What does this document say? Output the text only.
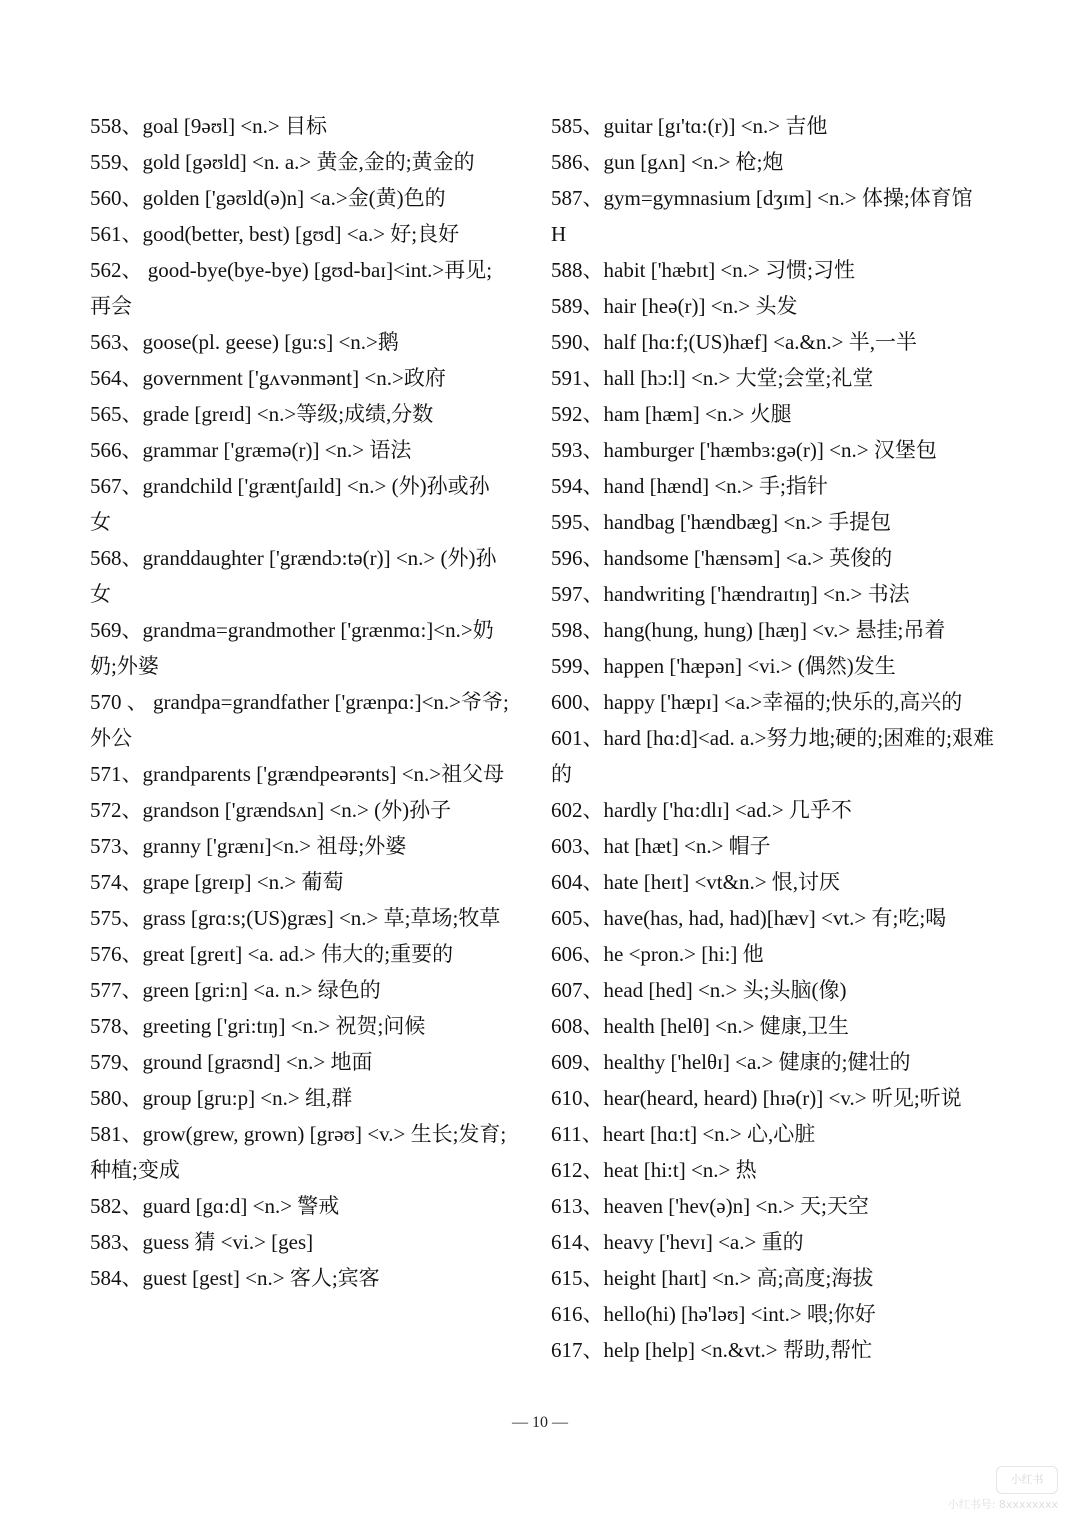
558、goal [9əʊl] <n.> 目标

559、gold [gəʊld] <n. a.> 黄金,金的;黄金的

560、golden ['gəʊld(ə)n] <a.>金(黄)色的

561、good(better, best) [gʊd] <a.> 好;良好

562、 good-bye(bye-bye) [gʊd-baɪ]<int.>再见;再会

563、goose(pl. geese) [gu:s] <n.>鹅

564、government ['gʌvənmənt] <n.>政府

565、grade [greɪd] <n.>等级;成绩,分数

566、grammar ['græmə(r)] <n.> 语法

567、grandchild ['græntʃaɪld] <n.> (外)孙或孙女

568、granddaughter ['grændɔ:tə(r)] <n.> (外)孙女

569、grandma=grandmother ['grænmɑ:]<n.>奶奶;外婆

570 、 grandpa=grandfather ['grænpɑ:]<n.>爷爷;外公

571、grandparents ['grændpeərənts] <n.>祖父母

572、grandson ['grændsʌn] <n.> (外)孙子

573、granny ['grænɪ]<n.> 祖母;外婆

574、grape [greɪp] <n.> 葡萄

575、grass [grɑ:s;(US)græs] <n.> 草;草场;牧草

576、great [greɪt] <a. ad.> 伟大的;重要的

577、green [gri:n] <a. n.> 绿色的

578、greeting ['gri:tɪŋ] <n.> 祝贺;问候

579、ground [graʊnd] <n.> 地面

580、group [gru:p] <n.> 组,群

581、grow(grew, grown) [grəʊ] <v.> 生长;发育;种植;变成

582、guard [gɑ:d] <n.> 警戒

583、guess 猜 <vi.> [ges]

584、guest [gest] <n.> 客人;宾客

585、guitar [gɪ'tɑ:(r)] <n.> 吉他

586、gun [gʌn] <n.> 枪;炮

587、gym=gymnasium [dʒɪm] <n.> 体操;体育馆

H

588、habit ['hæbɪt] <n.> 习惯;习性

589、hair [heə(r)] <n.> 头发

590、half [hɑ:f;(US)hæf] <a.&n.> 半,一半

591、hall [hɔ:l] <n.> 大堂;会堂;礼堂

592、ham [hæm] <n.> 火腿

593、hamburger ['hæmbɜ:gə(r)] <n.> 汉堡包

594、hand [hænd] <n.> 手;指针

595、handbag ['hændbæg] <n.> 手提包

596、handsome ['hænsəm] <a.> 英俊的

597、handwriting ['hændraɪtɪŋ] <n.> 书法

598、hang(hung, hung) [hæŋ] <v.> 悬挂;吊着

599、happen ['hæpən] <vi.> (偶然)发生

600、happy ['hæpɪ] <a.>幸福的;快乐的,高兴的

601、hard [hɑ:d]<ad. a.>努力地;硬的;困难的;艰难的

602、hardly ['hɑ:dlɪ] <ad.> 几乎不

603、hat [hæt] <n.> 帽子

604、hate [heɪt] <vt&n.> 恨,讨厌

605、have(has, had, had)[hæv] <vt.> 有;吃;喝

606、he <pron.> [hi:] 他

607、head [hed] <n.> 头;头脑(像)

608、health [helθ] <n.> 健康,卫生

609、healthy ['helθɪ] <a.> 健康的;健壮的

610、hear(heard, heard) [hɪə(r)] <v.> 听见;听说

611、heart [hɑ:t] <n.> 心,心脏

612、heat [hi:t] <n.> 热

613、heaven ['hev(ə)n] <n.> 天;天空

614、heavy ['hevɪ] <a.> 重的

615、height [haɪt] <n.> 高;高度;海拔

616、hello(hi) [hə'ləʊ] <int.> 喂;你好

617、help [help] <n.&vt.> 帮助,帮忙

— 10 —
小红书
小红书号: 8xxxxxxxx
